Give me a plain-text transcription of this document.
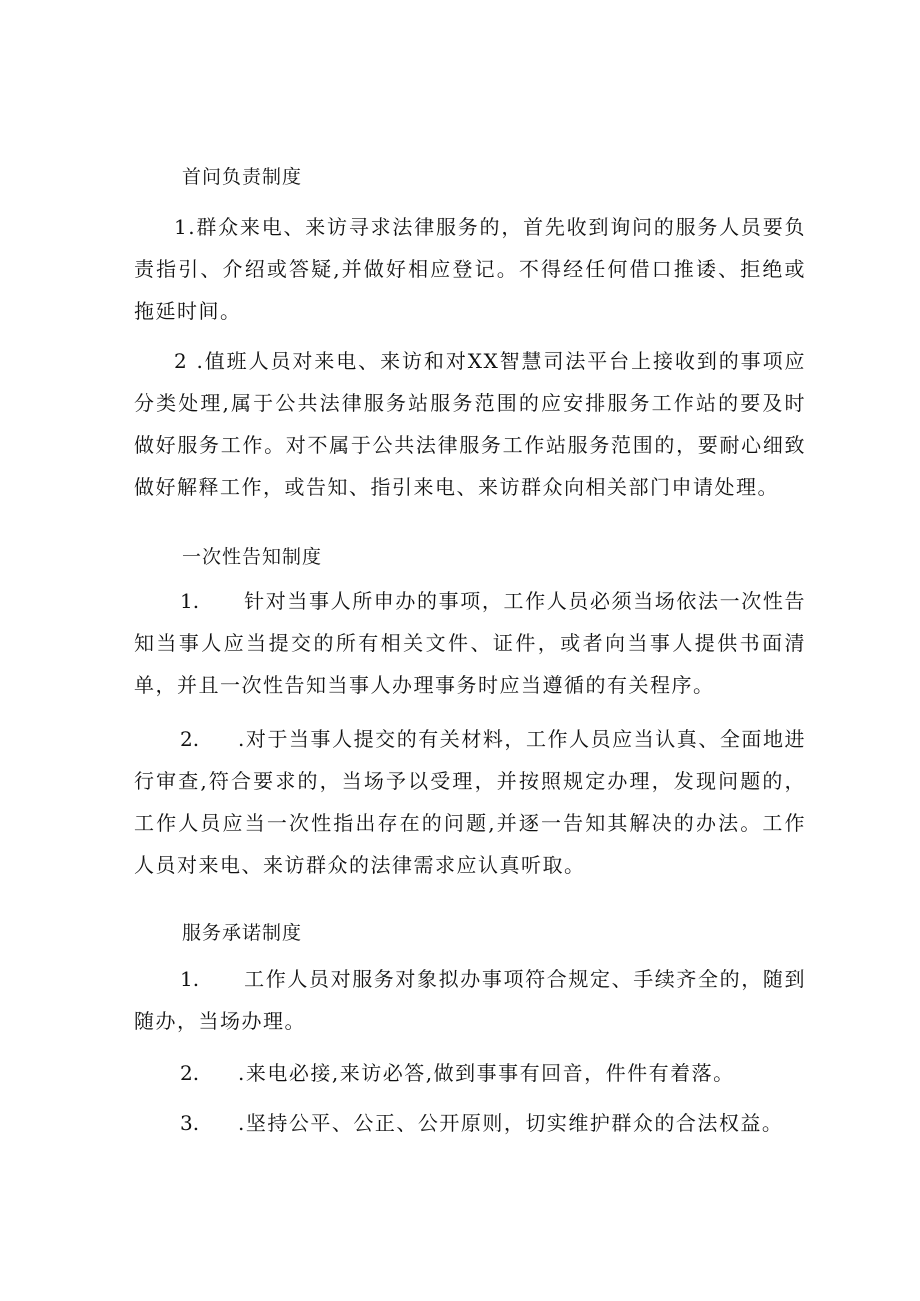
首问负责制度

1.群众来电、来访寻求法律服务的，首先收到询问的服务人员要负责指引、介绍或答疑,并做好相应登记。不得经任何借口推诿、拒绝或拖延时间。

2 .值班人员对来电、来访和对XX智慧司法平台上接收到的事项应分类处理,属于公共法律服务站服务范围的应安排服务工作站的要及时做好服务工作。对不属于公共法律服务工作站服务范围的，要耐心细致做好解释工作，或告知、指引来电、来访群众向相关部门申请处理。

一次性告知制度

1. 针对当事人所申办的事项，工作人员必须当场依法一次性告知当事人应当提交的所有相关文件、证件，或者向当事人提供书面清单，并且一次性告知当事人办理事务时应当遵循的有关程序。

2. .对于当事人提交的有关材料，工作人员应当认真、全面地进行审查,符合要求的，当场予以受理，并按照规定办理，发现问题的，工作人员应当一次性指出存在的问题,并逐一告知其解决的办法。工作人员对来电、来访群众的法律需求应认真听取。

服务承诺制度

1. 工作人员对服务对象拟办事项符合规定、手续齐全的，随到随办，当场办理。

2. .来电必接,来访必答,做到事事有回音，件件有着落。

3. .坚持公平、公正、公开原则，切实维护群众的合法权益。
